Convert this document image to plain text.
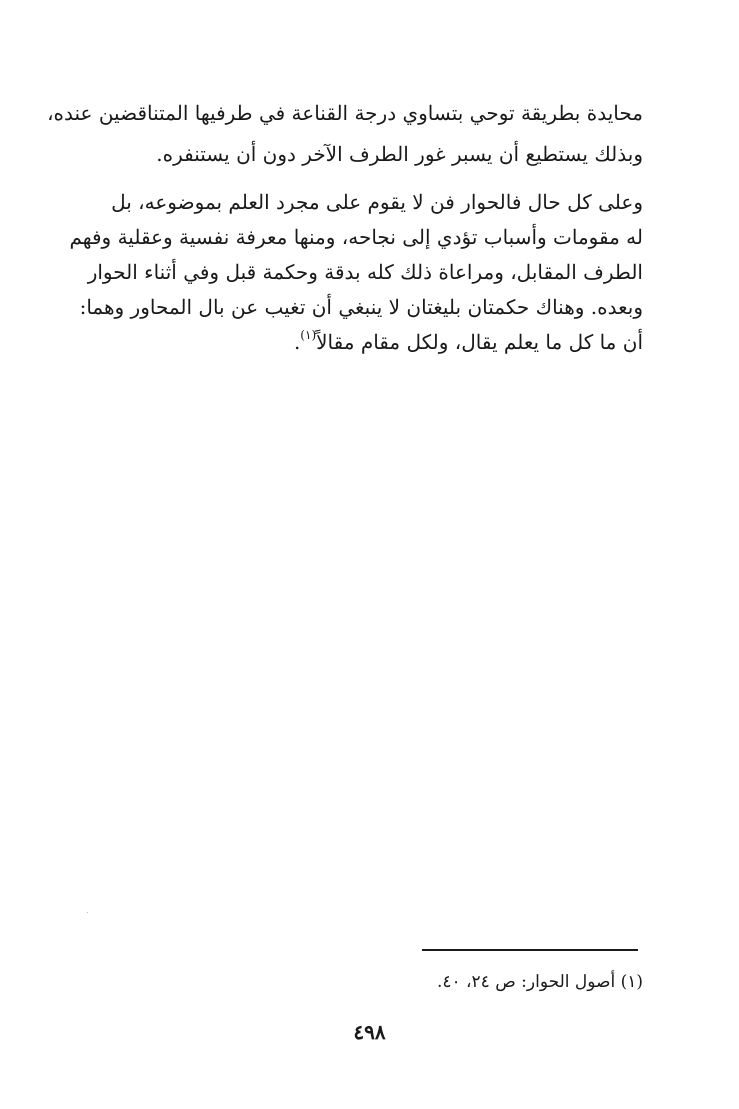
محايدة بطريقة توحي بتساوي درجة القناعة في طرفيها المتناقضين عنده،
وبذلك يستطيع أن يسبر غور الطرف الآخر دون أن يستنفره.
وعلى كل حال فالحوار فن لا يقوم على مجرد العلم بموضوعه، بل
له مقومات وأسباب تؤدي إلى نجاحه، ومنها معرفة نفسية وعقلية وفهم
الطرف المقابل، ومراعاة ذلك كله بدقة وحكمة قبل وفي أثناء الحوار
وبعده. وهناك حكمتان بليغتان لا ينبغي أن تغيب عن بال المحاور وهما:
أن ما كل ما يعلم يقال، ولكل مقام مقالاً$^{(١)}$.
(١) أصول الحوار: ص ٢٤، ٤٠.
٤٩٨
